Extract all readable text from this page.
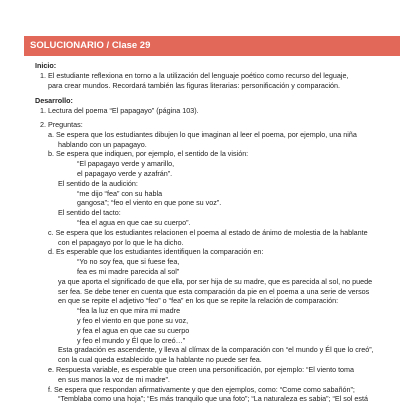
SOLUCIONARIO / Clase 29

Inicio:

1. El estudiante reflexiona en torno a la utilización del lenguaje poético como recurso del leguaje,

para crear mundos. Recordará también las figuras literarias: personificación y comparación.

Desarrollo:

1. Lectura del poema “El papagayo” (página 103).

2. Preguntas:

a. Se espera que los estudiantes dibujen lo que imaginan al leer el poema, por ejemplo, una niña

hablando con un papagayo.

b. Se espera que indiquen, por ejemplo, el sentido de la visión:

“El papagayo verde y amarillo,

el papagayo verde y azafrán”.

El sentido de la audición:

“me dijo “fea” con su habla

gangosa”; “feo el viento en que pone su voz”.

El sentido del tacto:

“fea el agua en que cae su cuerpo”.

c. Se espera que los estudiantes relacionen el poema al estado de ánimo de molestia de la hablante

con el papagayo por lo que le ha dicho.

d. Es esperable que los estudiantes identifiquen la comparación en:

“Yo no soy fea, que si fuese fea,

fea es mi madre parecida al sol”

ya que aporta el significado de que ella, por ser hija de su madre, que es parecida al sol, no puede

ser fea. Se debe tener en cuenta que esta comparación da pie en el poema a una serie de versos

en que se repite el adjetivo “feo” o “fea” en los que se repite la relación de comparación:

“fea la luz en que mira mi madre

y feo el viento en que pone su voz,

y fea el agua en que cae su cuerpo

y feo el mundo y Él que lo creó…”

Esta gradación es ascendente, y lleva al clímax de la comparación con “el mundo y Él que lo creó”,

con la cual queda establecido que la hablante no puede ser fea.

e. Respuesta variable, es esperable que creen una personificación, por ejemplo: “El viento toma

en sus manos la voz de mi madre”.

f. Se espera que respondan afirmativamente y que den ejemplos, como: “Come como sabañón”;

“Temblaba como una hoja”; “Es más tranquilo que una foto”; “La naturaleza es sabia”; “El sol está
